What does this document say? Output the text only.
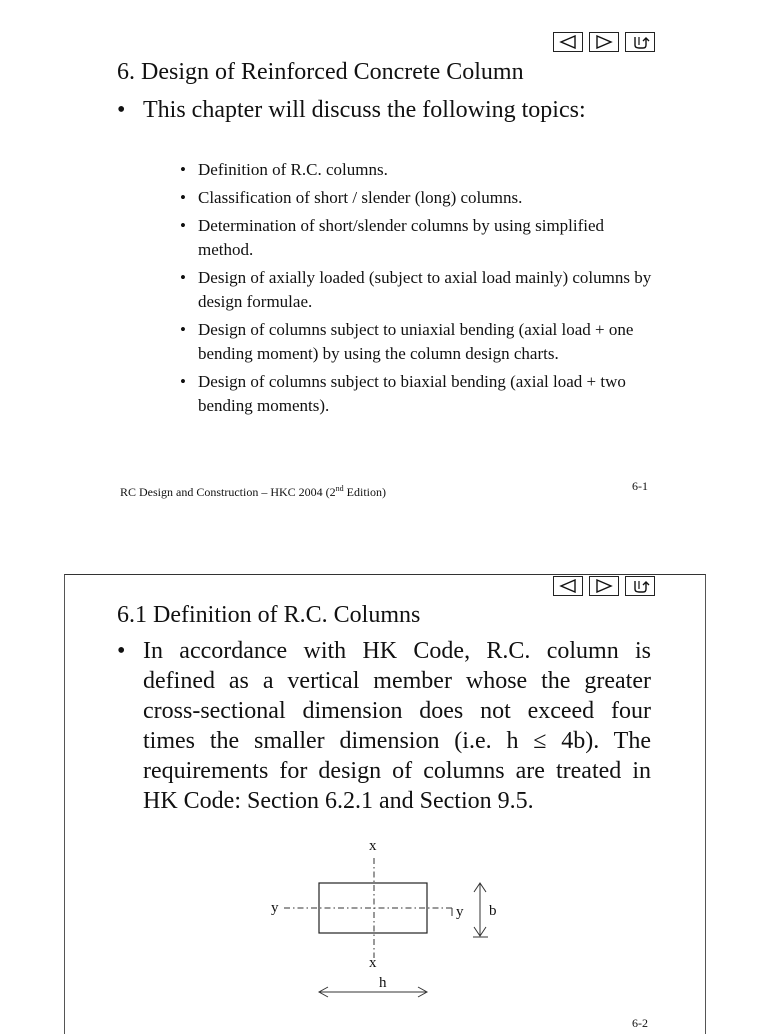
6. Design of Reinforced Concrete Column
• This chapter will discuss the following topics:
• Definition of R.C. columns.
• Classification of short / slender (long) columns.
• Determination of short/slender columns by using simplified method.
• Design of axially loaded (subject to axial load mainly) columns by design formulae.
• Design of columns subject to uniaxial bending (axial load + one bending moment) by using the column design charts.
• Design of columns subject to biaxial bending (axial load + two bending moments).
RC Design and Construction – HKC 2004 (2nd Edition)	6-1
6.1 Definition of R.C. Columns
• In accordance with HK Code, R.C. column is defined as a vertical member whose the greater cross-sectional dimension does not exceed four times the smaller dimension (i.e. h ≤ 4b). The requirements for design of columns are treated in HK Code: Section 6.2.1 and Section 9.5.
x
x
y	y b
h
6-2
